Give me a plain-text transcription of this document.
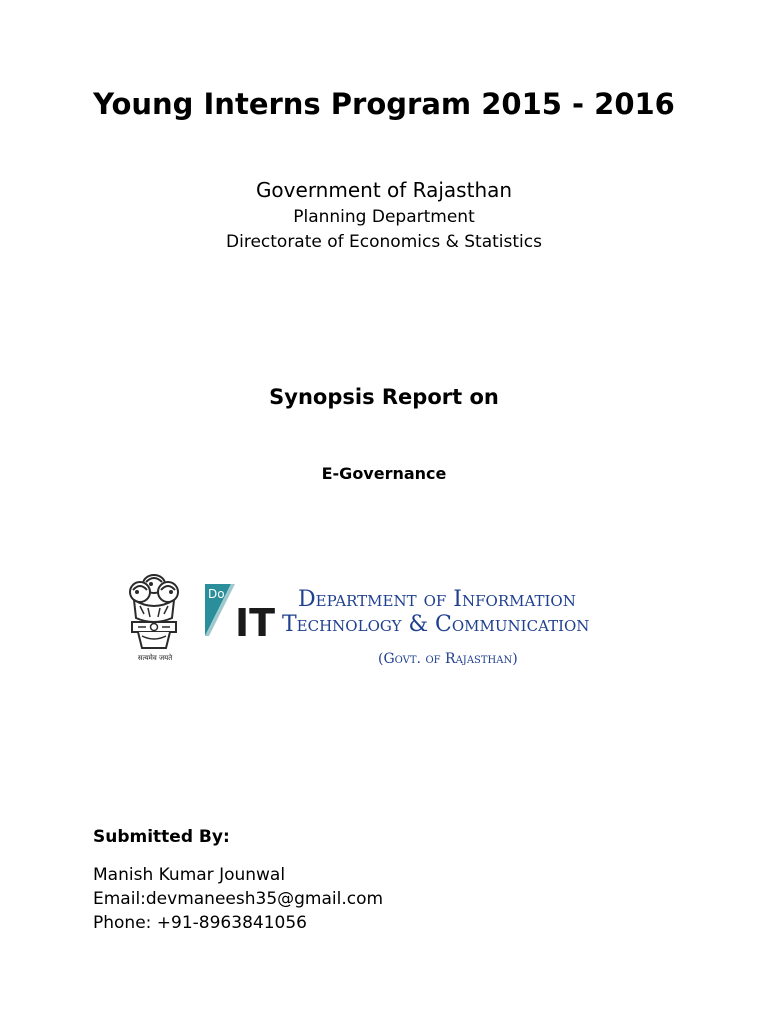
Young Interns Program 2015 - 2016

Government of Rajasthan

Planning Department

Directorate of Economics & Statistics

Synopsis Report on

E-Governance

सत्यमेव जयते
Do
IT
Department of Information
Technology & Communication
(Govt. of Rajasthan)
Submitted By:

Manish Kumar Jounwal

Email:devmaneesh35@gmail.com

Phone: +91-8963841056
